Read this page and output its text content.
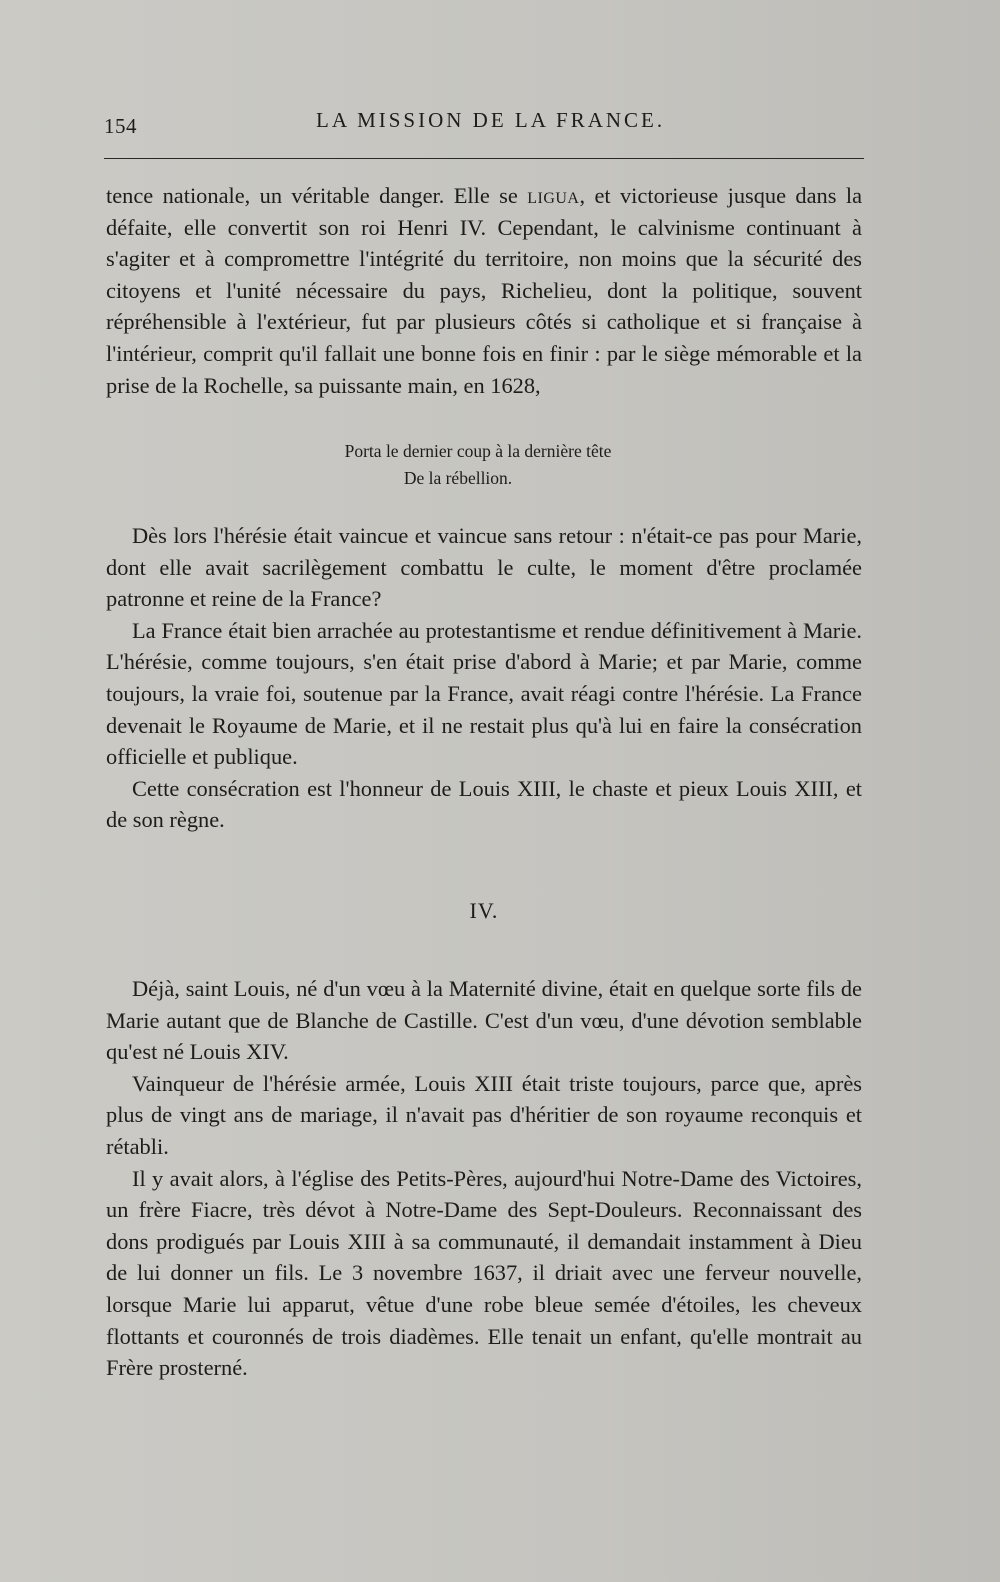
154	LA MISSION DE LA FRANCE.

tence nationale, un véritable danger. Elle se ligua, et victorieuse jusque dans la défaite, elle convertit son roi Henri IV. Cependant, le calvinisme continuant à s'agiter et à compromettre l'intégrité du territoire, non moins que la sécurité des citoyens et l'unité nécessaire du pays, Richelieu, dont la politique, souvent répréhensible à l'extérieur, fut par plusieurs côtés si catholique et si française à l'intérieur, comprit qu'il fallait une bonne fois en finir : par le siège mémorable et la prise de la Rochelle, sa puissante main, en 1628,

Porta le dernier coup à la dernière tête
De la rébellion.

Dès lors l'hérésie était vaincue et vaincue sans retour : n'était-ce pas pour Marie, dont elle avait sacrilègement combattu le culte, le moment d'être proclamée patronne et reine de la France?

La France était bien arrachée au protestantisme et rendue définitivement à Marie. L'hérésie, comme toujours, s'en était prise d'abord à Marie; et par Marie, comme toujours, la vraie foi, soutenue par la France, avait réagi contre l'hérésie. La France devenait le Royaume de Marie, et il ne restait plus qu'à lui en faire la consécration officielle et publique.

Cette consécration est l'honneur de Louis XIII, le chaste et pieux Louis XIII, et de son règne.

IV.

Déjà, saint Louis, né d'un vœu à la Maternité divine, était en quelque sorte fils de Marie autant que de Blanche de Castille. C'est d'un vœu, d'une dévotion semblable qu'est né Louis XIV.

Vainqueur de l'hérésie armée, Louis XIII était triste toujours, parce que, après plus de vingt ans de mariage, il n'avait pas d'héritier de son royaume reconquis et rétabli.

Il y avait alors, à l'église des Petits-Pères, aujourd'hui Notre-Dame des Victoires, un frère Fiacre, très dévot à Notre-Dame des Sept-Douleurs. Reconnaissant des dons prodigués par Louis XIII à sa communauté, il demandait instamment à Dieu de lui donner un fils. Le 3 novembre 1637, il driait avec une ferveur nouvelle, lorsque Marie lui apparut, vêtue d'une robe bleue semée d'étoiles, les cheveux flottants et couronnés de trois diadèmes. Elle tenait un enfant, qu'elle montrait au Frère prosterné.
